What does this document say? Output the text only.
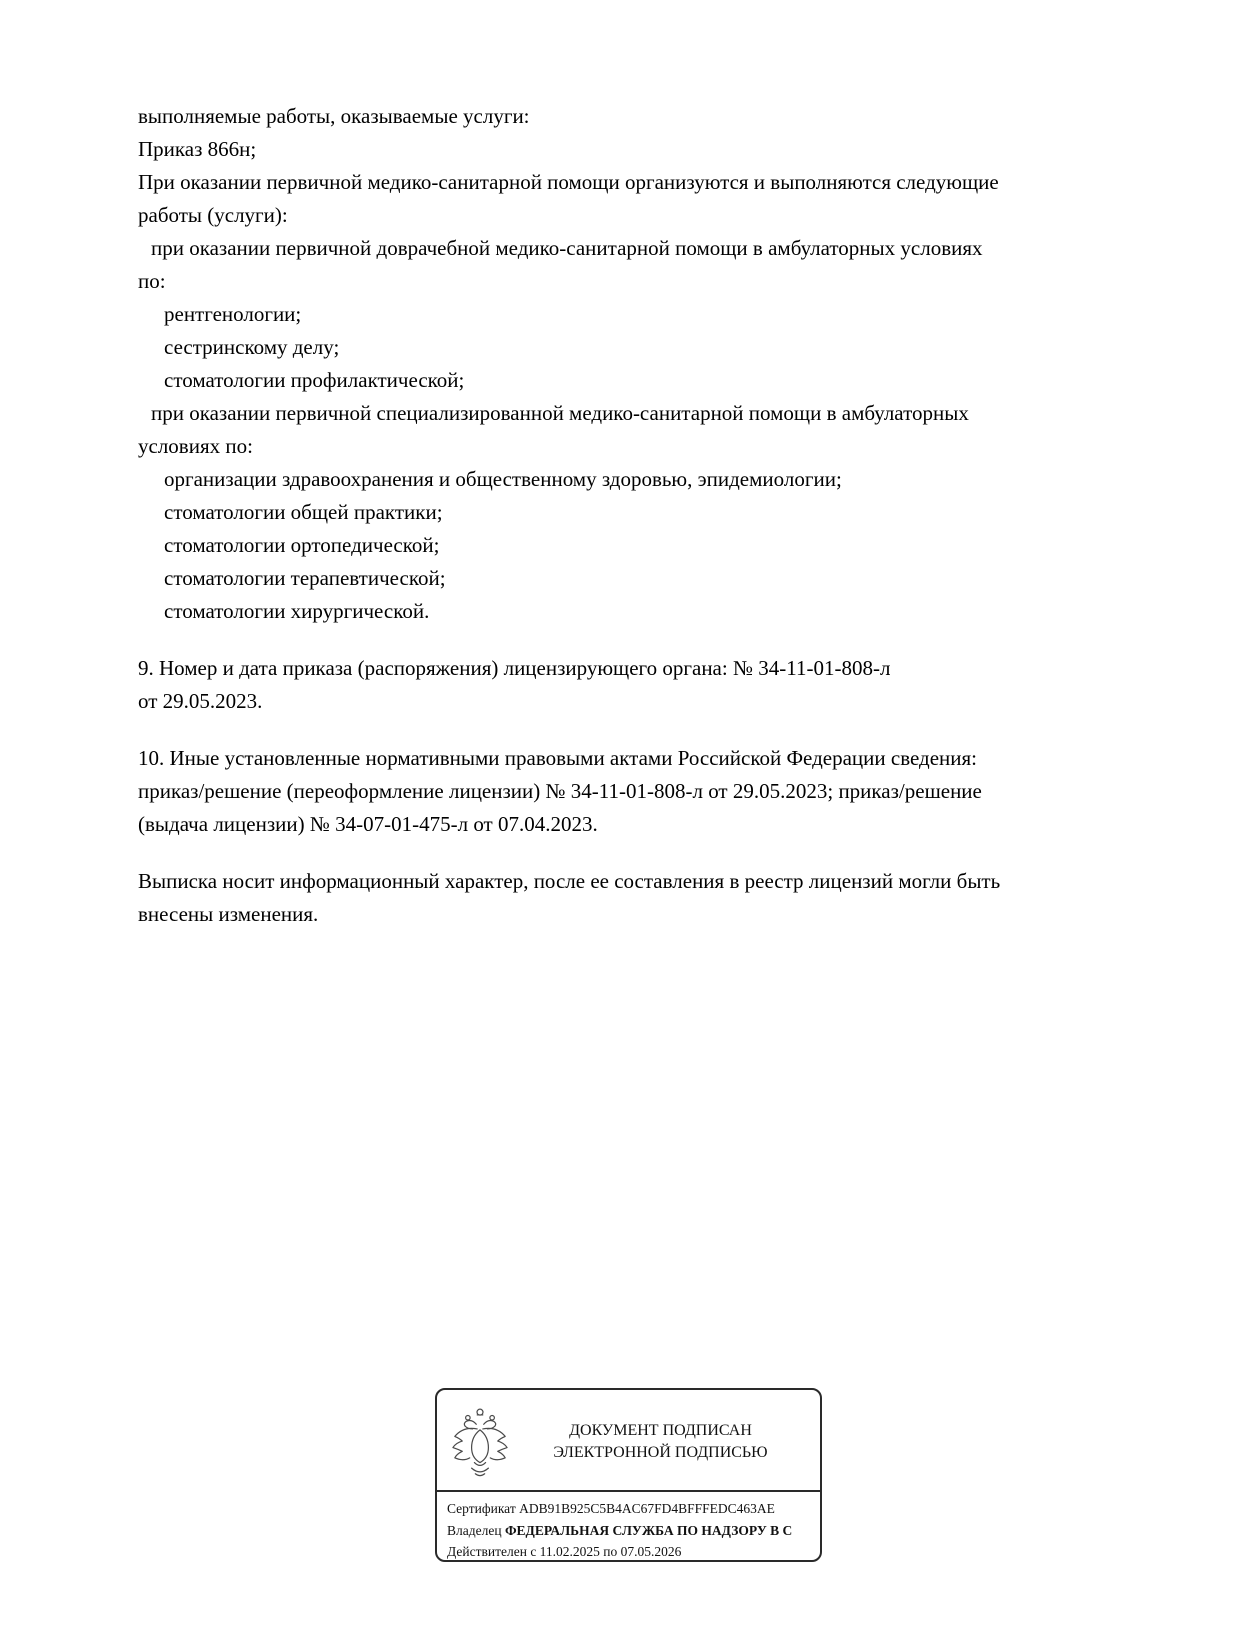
выполняемые работы, оказываемые услуги:
Приказ 866н;
При оказании первичной медико-санитарной помощи организуются и выполняются следующие
работы (услуги):
при оказании первичной доврачебной медико-санитарной помощи в амбулаторных условиях
по:
рентгенологии;
сестринскому делу;
стоматологии профилактической;
при оказании первичной специализированной медико-санитарной помощи в амбулаторных
условиях по:
организации здравоохранения и общественному здоровью, эпидемиологии;
стоматологии общей практики;
стоматологии ортопедической;
стоматологии терапевтической;
стоматологии хирургической.
9. Номер и дата приказа (распоряжения) лицензирующего органа: № 34-11-01-808-л
от 29.05.2023.
10. Иные установленные нормативными правовыми актами Российской Федерации сведения:
приказ/решение (переоформление лицензии) № 34-11-01-808-л от 29.05.2023; приказ/решение
(выдача лицензии) № 34-07-01-475-л от 07.04.2023.
Выписка носит информационный характер, после ее составления в реестр лицензий могли быть
внесены изменения.
ДОКУМЕНТ ПОДПИСАН
ЭЛЕКТРОННОЙ ПОДПИСЬЮ
Сертификат ADB91B925C5B4AC67FD4BFFFEDC463AE
Владелец ФЕДЕРАЛЬНАЯ СЛУЖБА ПО НАДЗОРУ В С
Действителен с 11.02.2025 по 07.05.2026
